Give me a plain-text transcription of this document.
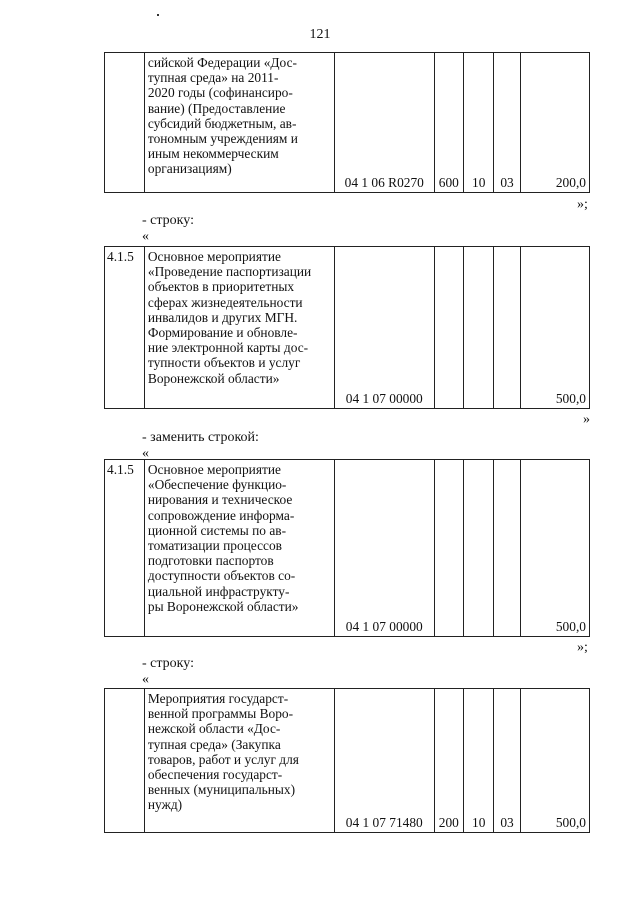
121
	сийской Федерации «Дос-
тупная среда» на 2011-
2020 годы (софинансиро-
вание) (Предоставление
субсидий бюджетным, ав-
тономным учреждениям и
иным некоммерческим
организациям)	04 1 06 R0270	600	10	03	200,0
»;
- строку:
«
4.1.5	Основное мероприятие
«Проведение паспортизации
объектов в приоритетных
сферах жизнедеятельности
инвалидов и других МГН.
Формирование и обновле-
ние электронной карты дос-
тупности объектов и услуг
Воронежской области»	04 1 07 00000				500,0
»
- заменить строкой:
«
4.1.5	Основное мероприятие
«Обеспечение функцио-
нирования и техническое
сопровождение информа-
ционной системы по ав-
томатизации процессов
подготовки паспортов
доступности объектов со-
циальной инфраструкту-
ры Воронежской области»	04 1 07 00000				500,0
»;
- строку:
«
	Мероприятия государст-
венной программы Воро-
нежской области «Дос-
тупная среда» (Закупка
товаров, работ и услуг для
обеспечения государст-
венных (муниципальных)
нужд)	04 1 07 71480	200	10	03	500,0
